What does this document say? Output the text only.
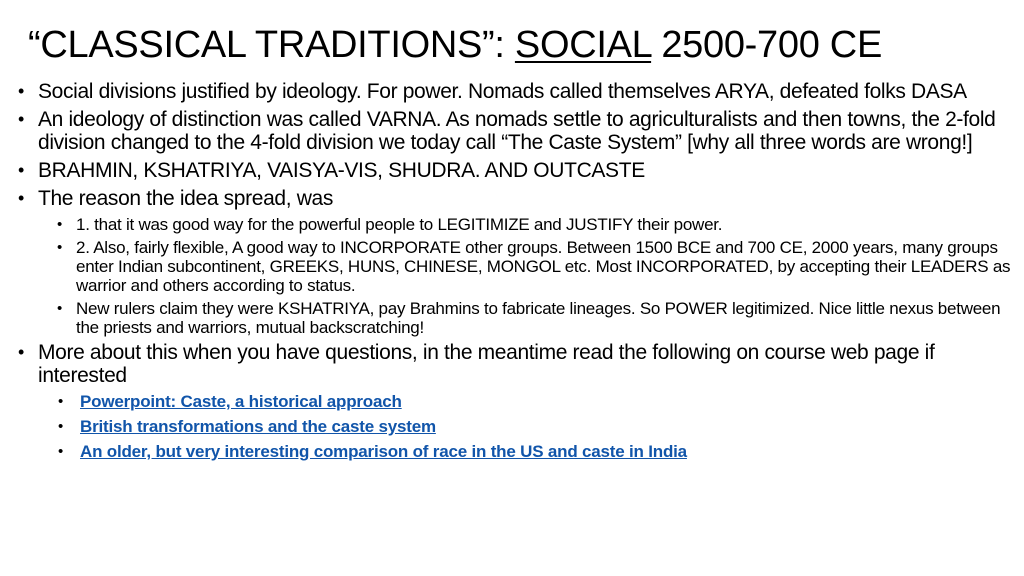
“CLASSICAL TRADITIONS”: SOCIAL 2500-700 CE
• Social divisions justified by ideology. For power. Nomads called themselves ARYA, defeated folks DASA
• An ideology of distinction was called VARNA. As nomads settle to agriculturalists and then towns, the 2-fold division changed to the 4-fold division we today call “The Caste System” [why all three words are wrong!]
• BRAHMIN, KSHATRIYA, VAISYA-VIS, SHUDRA. AND OUTCASTE
• The reason the idea spread, was
• 1. that it was good way for the powerful people to LEGITIMIZE and JUSTIFY their power.
• 2. Also, fairly flexible, A good way to INCORPORATE other groups. Between 1500 BCE and 700 CE, 2000 years, many groups enter Indian subcontinent, GREEKS, HUNS, CHINESE, MONGOL etc. Most INCORPORATED, by accepting their LEADERS as warrior and others according to status.
• New rulers claim they were KSHATRIYA, pay Brahmins to fabricate lineages. So POWER legitimized. Nice little nexus between the priests and warriors, mutual backscratching!
• More about this when you have questions, in the meantime read the following on course web page if interested
• Powerpoint: Caste, a historical approach
• British transformations and the caste system
• An older, but very interesting comparison of race in the US and caste in India
